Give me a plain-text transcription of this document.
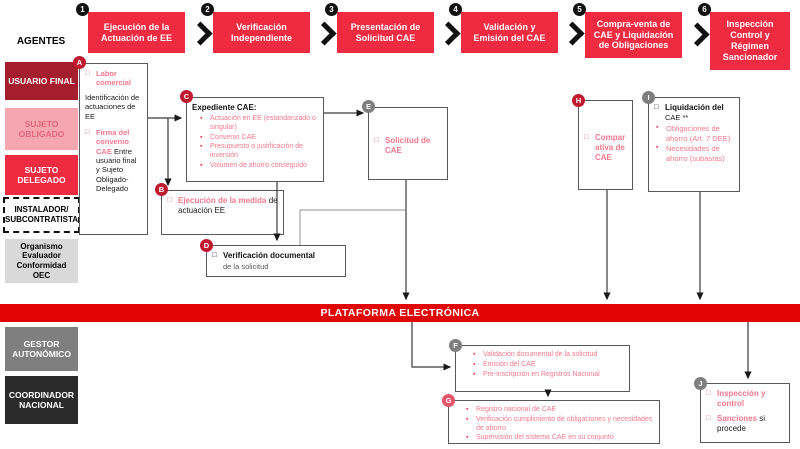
1
Ejecución de la Actuación de EE
2
Verificación Independiente
3
Presentación de Solicitud CAE
4
Validación y Emisión del CAE
5
Compra-venta de CAE y Liquidación de Obligaciones
6
Inspección Control y Régimen Sancionador
AGENTES
USUARIO FINAL
SUJETO OBLIGADO
SUJETO DELEGADO
INSTALADOR/ SUBCONTRATISTA
Organismo Evaluador Conformidad OEC
GESTOR AUTONÓMICO
COORDINADOR NACIONAL
A
□
Labor comercial
Identificación de actuaciones de EE
□
Firma del convenio CAE Entre usuario final y Sujeto Obligado-Delegado
C
Expediente CAE:
▪ Actuación en EE (estandarizado o singular)
▪ Convenio CAE
▪ Presupuesto o justificación de inversión
▪ Volumen de ahorro conseguido
B
□
Ejecución de la medida de actuación EE
D
□
Verificación documental
de la solicitud
E
□
Solicitud de CAE
H
□
Comparativa de CAE
I
□
Liquidación del CAE **
▪ Obligaciones de ahorro (Art. 7 DEE)
▪ Necesidades de ahorro (subastas)
PLATAFORMA ELECTRÓNICA
F
▪ Validación documental de la solicitud
▪ Emisión del CAE
▪ Pre-inscripción en Registros Nacional
G
▪ Registro nacional de CAE
▪ Verificación cumplimiento de obligaciones y necesidades de ahorro
▪ Supervisión del sistema CAE en su conjunto
J
□
Inspección y control
□
Sanciones si procede
